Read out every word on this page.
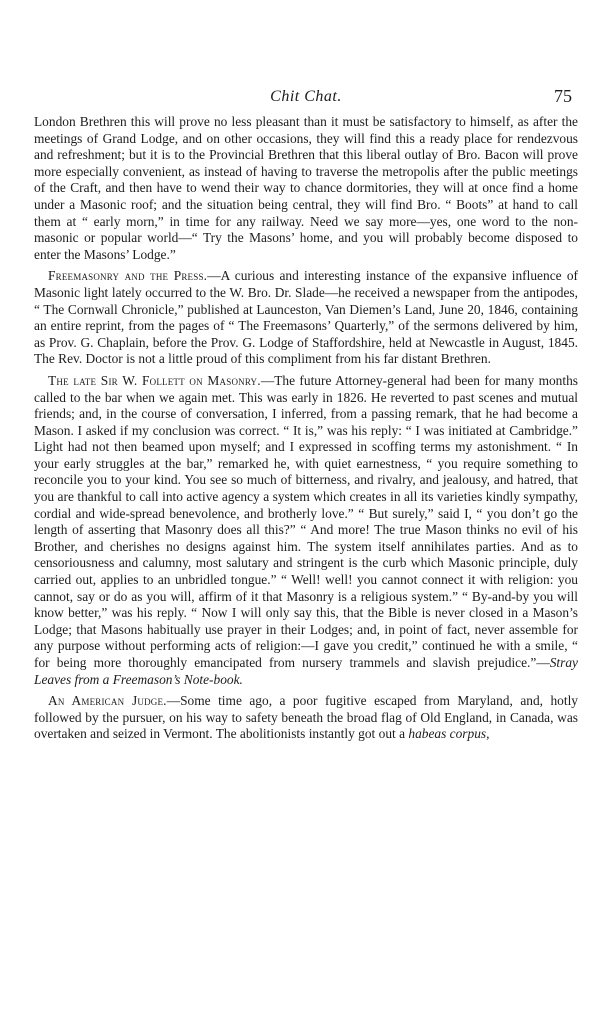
Chit Chat.	75

London Brethren this will prove no less pleasant than it must be satisfactory to himself, as after the meetings of Grand Lodge, and on other occasions, they will find this a ready place for rendezvous and refreshment; but it is to the Provincial Brethren that this liberal outlay of Bro. Bacon will prove more especially convenient, as instead of having to traverse the metropolis after the public meetings of the Craft, and then have to wend their way to chance dormitories, they will at once find a home under a Masonic roof; and the situation being central, they will find Bro. “ Boots” at hand to call them at “ early morn,” in time for any railway. Need we say more—yes, one word to the non-masonic or popular world—“ Try the Masons’ home, and you will probably become disposed to enter the Masons’ Lodge.”

Freemasonry and the Press.—A curious and interesting instance of the expansive influence of Masonic light lately occurred to the W. Bro. Dr. Slade—he received a newspaper from the antipodes, “ The Cornwall Chronicle,” published at Launceston, Van Diemen’s Land, June 20, 1846, containing an entire reprint, from the pages of “ The Freemasons’ Quarterly,” of the sermons delivered by him, as Prov. G. Chaplain, before the Prov. G. Lodge of Staffordshire, held at Newcastle in August, 1845. The Rev. Doctor is not a little proud of this compliment from his far distant Brethren.

The late Sir W. Follett on Masonry.—The future Attorney-general had been for many months called to the bar when we again met. This was early in 1826. He reverted to past scenes and mutual friends; and, in the course of conversation, I inferred, from a passing remark, that he had become a Mason. I asked if my conclusion was correct. “ It is,” was his reply: “ I was initiated at Cambridge.” Light had not then beamed upon myself; and I expressed in scoffing terms my astonishment. “ In your early struggles at the bar,” remarked he, with quiet earnestness, “ you require something to reconcile you to your kind. You see so much of bitterness, and rivalry, and jealousy, and hatred, that you are thankful to call into active agency a system which creates in all its varieties kindly sympathy, cordial and wide-spread benevolence, and brotherly love.” “ But surely,” said I, “ you don’t go the length of asserting that Masonry does all this?” “ And more! The true Mason thinks no evil of his Brother, and cherishes no designs against him. The system itself annihilates parties. And as to censoriousness and calumny, most salutary and stringent is the curb which Masonic principle, duly carried out, applies to an unbridled tongue.” “ Well! well! you cannot connect it with religion: you cannot, say or do as you will, affirm of it that Masonry is a religious system.” “ By-and-by you will know better,” was his reply. “ Now I will only say this, that the Bible is never closed in a Mason’s Lodge; that Masons habitually use prayer in their Lodges; and, in point of fact, never assemble for any purpose without performing acts of religion:—I gave you credit,” continued he with a smile, “ for being more thoroughly emancipated from nursery trammels and slavish prejudice.”—Stray Leaves from a Freemason’s Note-book.

An American Judge.—Some time ago, a poor fugitive escaped from Maryland, and, hotly followed by the pursuer, on his way to safety beneath the broad flag of Old England, in Canada, was overtaken and seized in Vermont. The abolitionists instantly got out a habeas corpus,
